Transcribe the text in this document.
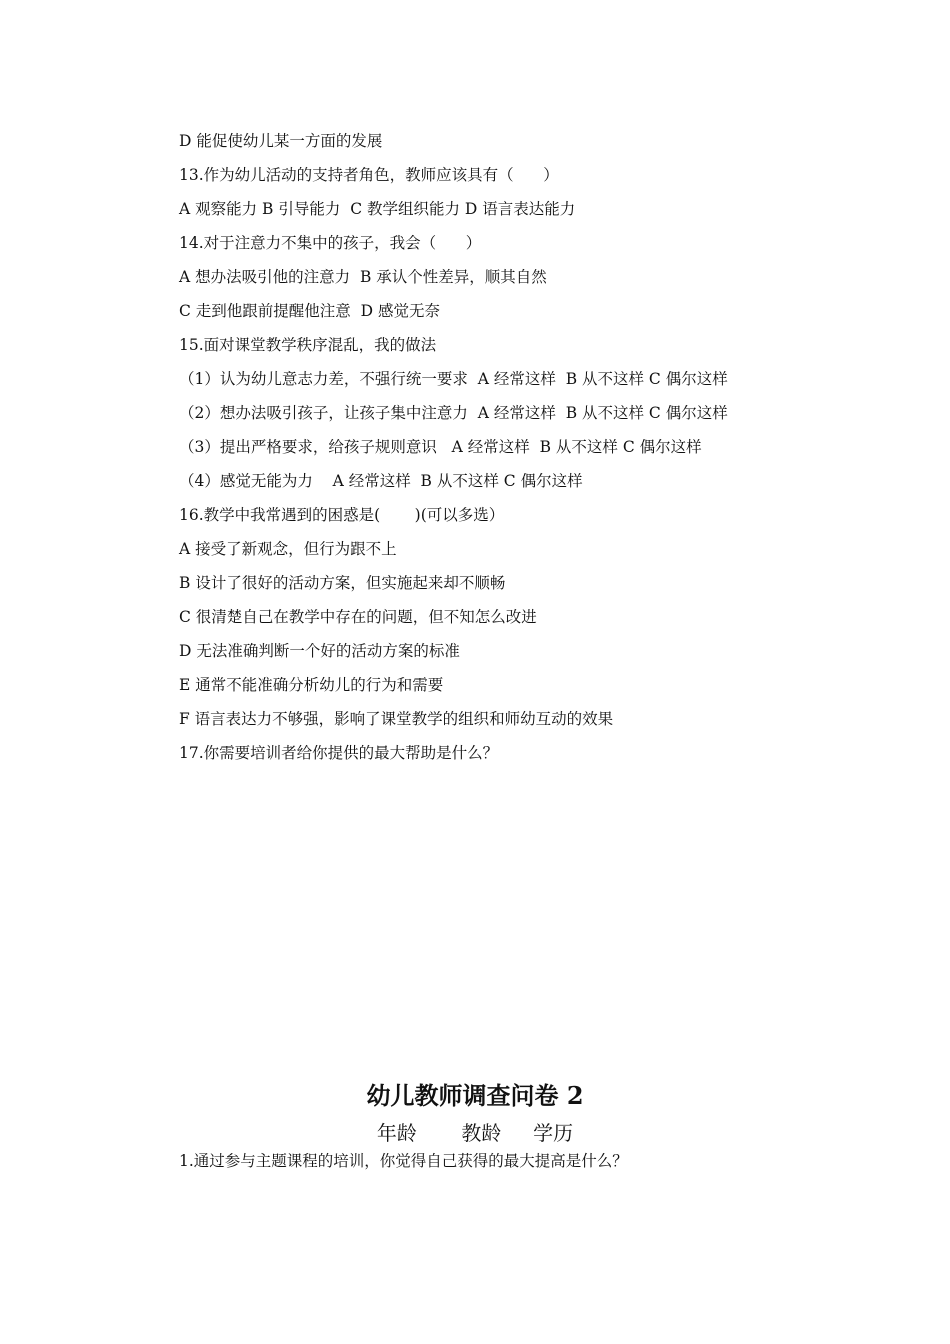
D 能促使幼儿某一方面的发展
13.作为幼儿活动的支持者角色，教师应该具有（      ）
A 观察能力 B 引导能力  C 教学组织能力 D 语言表达能力
14.对于注意力不集中的孩子，我会（      ）
A 想办法吸引他的注意力  B 承认个性差异，顺其自然
C 走到他跟前提醒他注意  D 感觉无奈
15.面对课堂教学秩序混乱，我的做法
（1）认为幼儿意志力差，不强行统一要求  A 经常这样  B 从不这样 C 偶尔这样
（2）想办法吸引孩子，让孩子集中注意力  A 经常这样  B 从不这样 C 偶尔这样
（3）提出严格要求，给孩子规则意识   A 经常这样  B 从不这样 C 偶尔这样
（4）感觉无能为力    A 经常这样  B 从不这样 C 偶尔这样
16.教学中我常遇到的困惑是(       )(可以多选）
A 接受了新观念，但行为跟不上
B 设计了很好的活动方案，但实施起来却不顺畅
C 很清楚自己在教学中存在的问题，但不知怎么改进
D 无法准确判断一个好的活动方案的标准
E 通常不能准确分析幼儿的行为和需要
F 语言表达力不够强，影响了课堂教学的组织和师幼互动的效果
17.你需要培训者给你提供的最大帮助是什么？
幼儿教师调查问卷 2
年龄       教龄     学历
1.通过参与主题课程的培训，你觉得自己获得的最大提高是什么？
